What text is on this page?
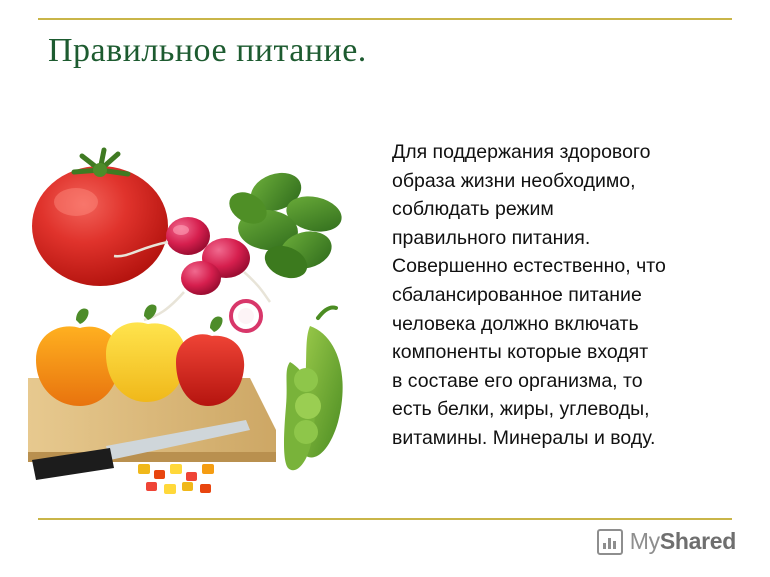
Правильное питание.
Для поддержания здорового
образа жизни необходимо,
соблюдать режим
правильного питания.
Совершенно естественно, что
сбалансированное питание
человека должно включать
компоненты которые входят
в составе его организма, то
есть белки, жиры, углеводы,
витамины. Минералы и воду.
MyShared
